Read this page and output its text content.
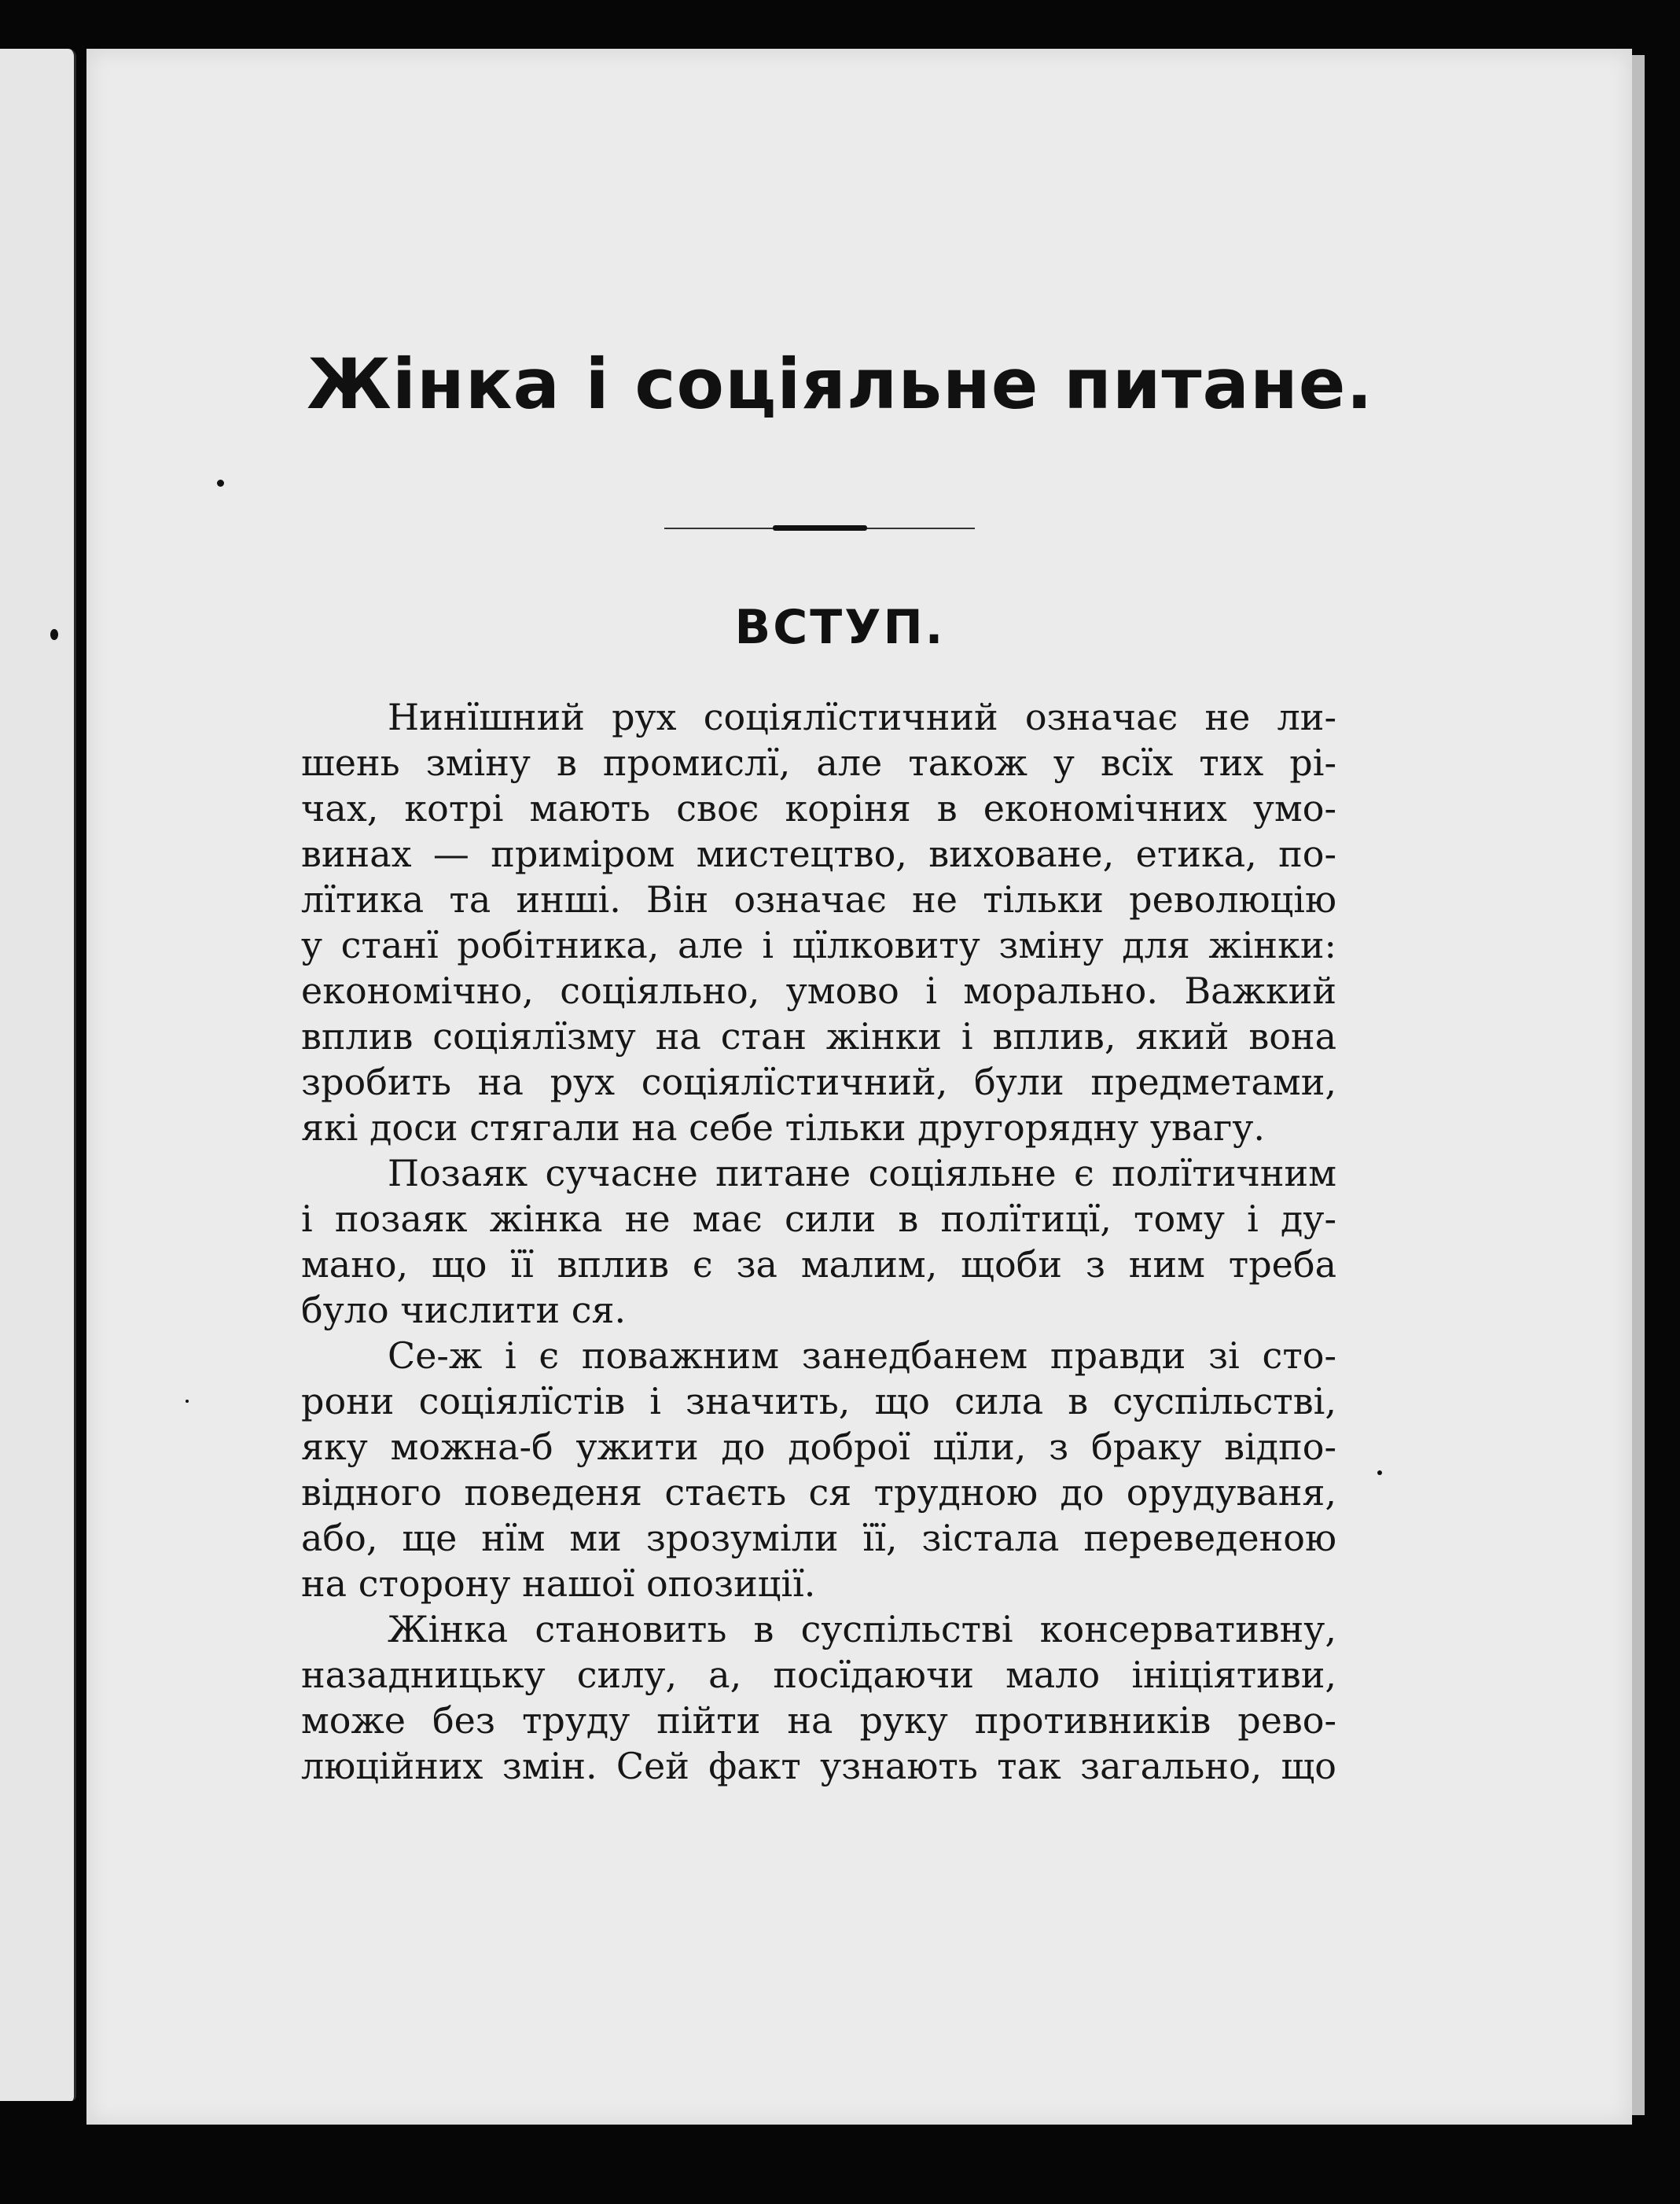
Жінка і соціяльне питане.
ВСТУП.
Нинїшний рух соціялїстичний означає не ли-
шень зміну в промислї, але також у всїх тих рі-
чах, котрі мають своє коріня в економічних умо-
винах — приміром мистецтво, виховане, етика, по-
лїтика та инші. Він означає не тільки революцію
у станї робітника, але і цїлковиту зміну для жінки:
економічно, соціяльно, умово і морально. Важкий
вплив соціялїзму на стан жінки і вплив, який вона
зробить на рух соціялїстичний, були предметами,
які доси стягали на себе тільки другорядну увагу.
Позаяк сучасне питане соціяльне є полїтичним
і позаяк жінка не має сили в полїтицї, тому і ду-
мано, що її вплив є за малим, щоби з ним треба
було числити ся.
Се-ж і є поважним занедбанем правди зі сто-
рони соціялїстів і значить, що сила в суспільстві,
яку можна-б ужити до доброї цїли, з браку відпо-
відного поведеня стаєть ся трудною до орудуваня,
або, ще нїм ми зрозуміли її, зістала переведеною
на сторону нашої опозиції.
Жінка становить в суспільстві консервативну,
назадницьку силу, а, посїдаючи мало ініціятиви,
може без труду пійти на руку противників рево-
люційних змін. Сей факт узнають так загально, що
